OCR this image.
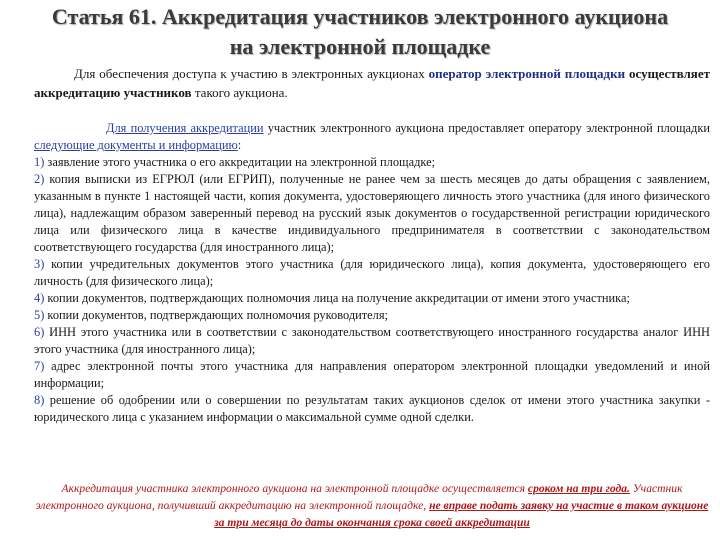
Статья 61. Аккредитация участников электронного аукциона на электронной площадке
Для обеспечения доступа к участию в электронных аукционах оператор электронной площадки осуществляет аккредитацию участников такого аукциона.

Для получения аккредитации участник электронного аукциона предоставляет оператору электронной площадки следующие документы и информацию:

1) заявление этого участника о его аккредитации на электронной площадке;

2) копия выписки из ЕГРЮЛ (или ЕГРИП), полученные не ранее чем за шесть месяцев до даты обращения с заявлением, указанным в пункте 1 настоящей части, копия документа, удостоверяющего личность этого участника (для иного физического лица), надлежащим образом заверенный перевод на русский язык документов о государственной регистрации юридического лица или физического лица в качестве индивидуального предпринимателя в соответствии с законодательством соответствующего государства (для иностранного лица);

3) копии учредительных документов этого участника (для юридического лица), копия документа, удостоверяющего его личность (для физического лица);

4) копии документов, подтверждающих полномочия лица на получение аккредитации от имени этого участника;

5) копии документов, подтверждающих полномочия руководителя;

6) ИНН этого участника или в соответствии с законодательством соответствующего иностранного государства аналог ИНН этого участника (для иностранного лица);

7) адрес электронной почты этого участника для направления оператором электронной площадки уведомлений и иной информации;

8) решение об одобрении или о совершении по результатам таких аукционов сделок от имени этого участника закупки - юридического лица с указанием информации о максимальной сумме одной сделки.

Аккредитация участника электронного аукциона на электронной площадке осуществляется сроком на три года. Участник электронного аукциона, получивший аккредитацию на электронной площадке, не вправе подать заявку на участие в таком аукционе за три месяца до даты окончания срока своей аккредитации
